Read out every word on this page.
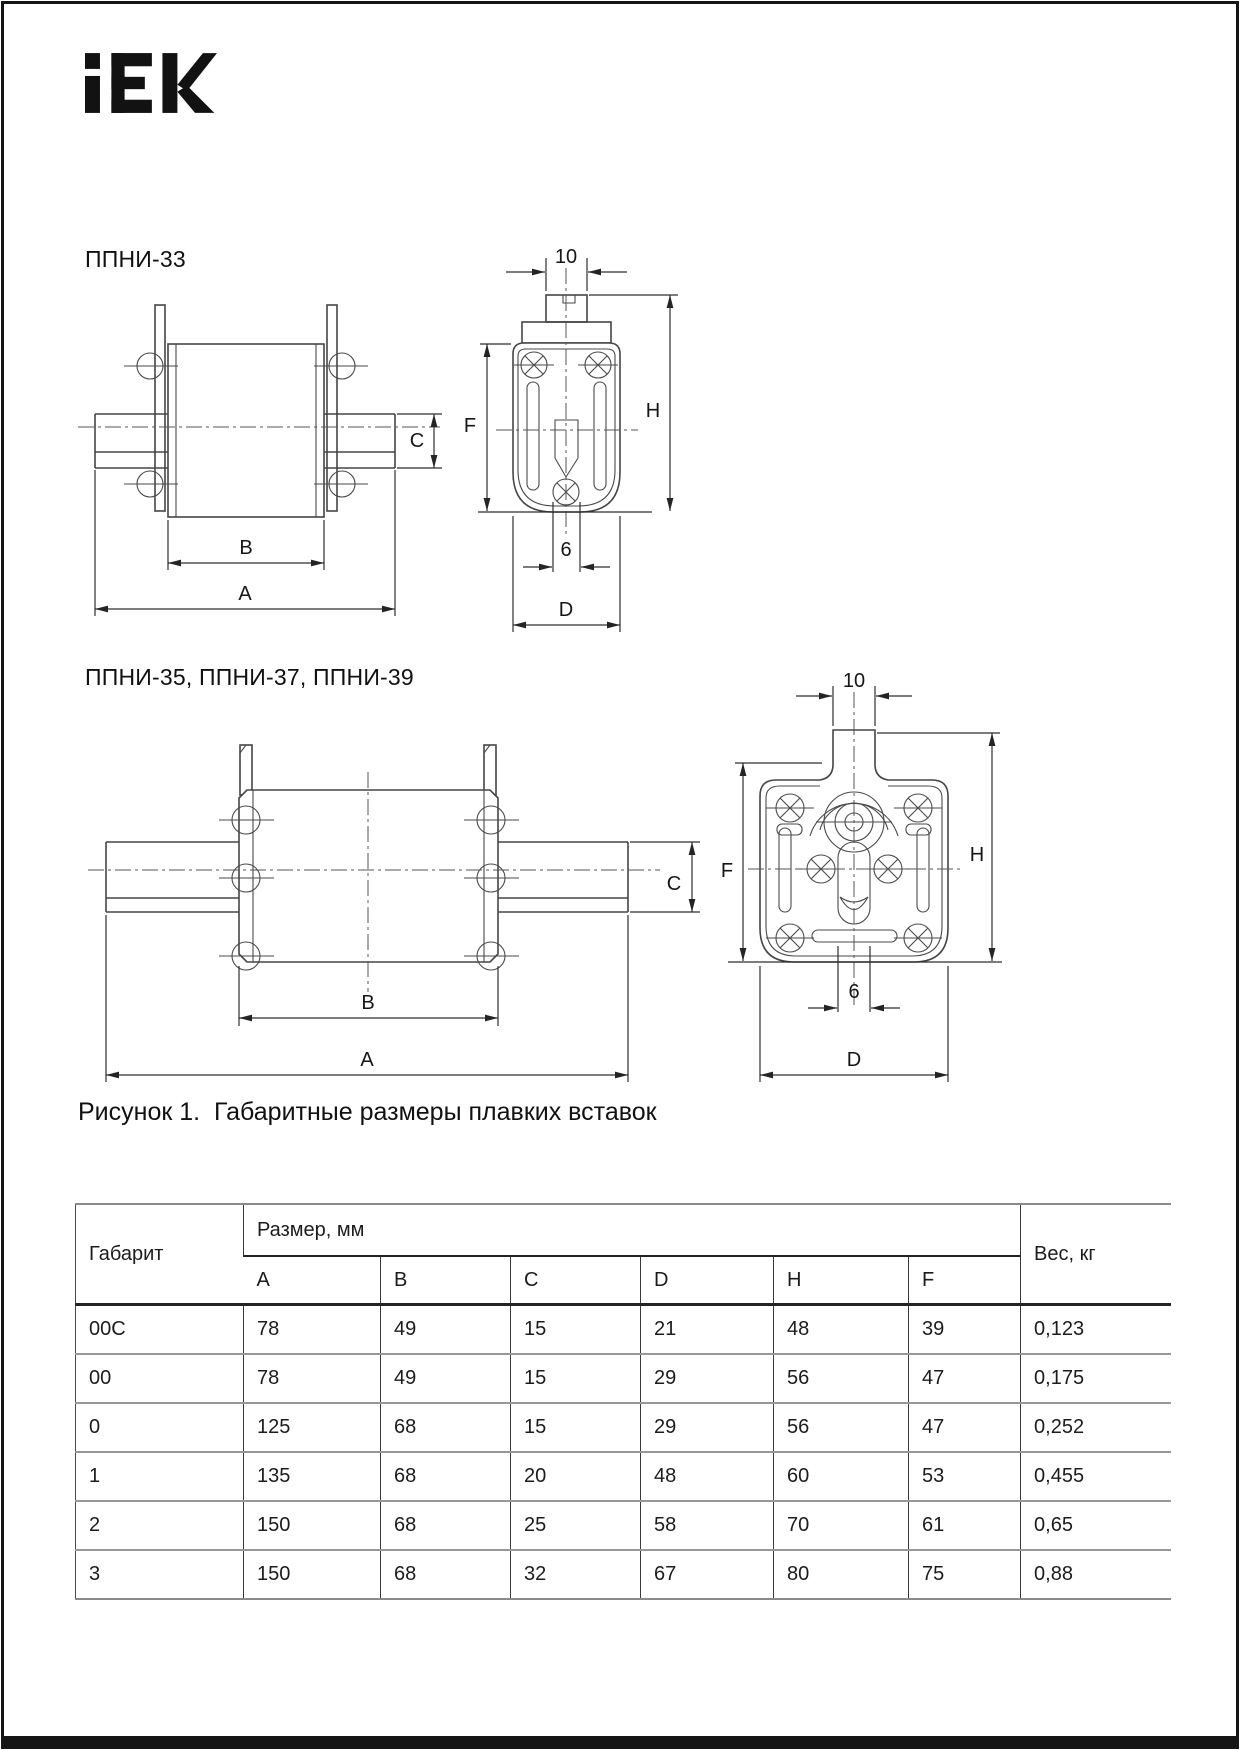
ППНИ-33
ППНИ-35, ППНИ-37, ППНИ-39
C
B
A
10
F
H
6
D
C
B
A
10
F
H
6
D
Рисунок 1.  Габаритные размеры плавких вставок
Габарит	Размер, мм						Вес, кг
	A	B	C	D	H	F	
00C	78	49	15	21	48	39	0,123
00	78	49	15	29	56	47	0,175
0	125	68	15	29	56	47	0,252
1	135	68	20	48	60	53	0,455
2	150	68	25	58	70	61	0,65
3	150	68	32	67	80	75	0,88
